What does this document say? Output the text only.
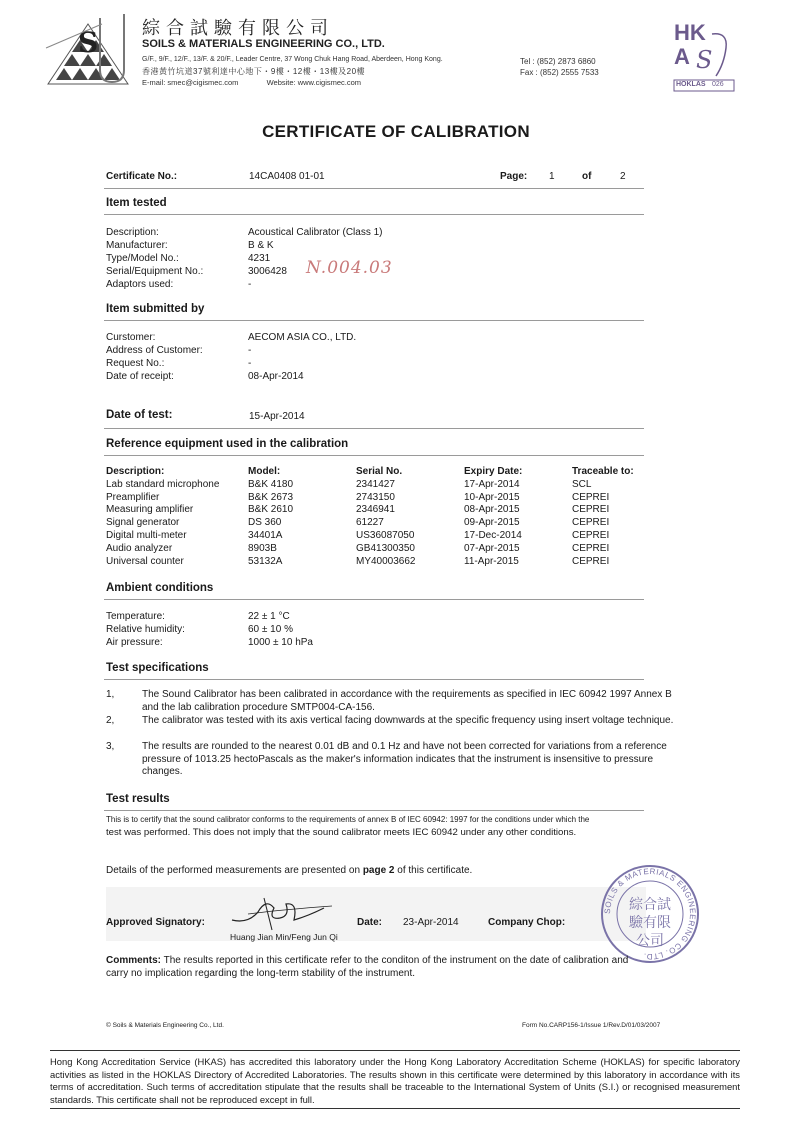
S 綜合試驗有限公司
SOILS & MATERIALS ENGINEERING CO., LTD.
G/F., 9/F., 12/F., 13/F. & 20/F., Leader Centre, 37 Wong Chuk Hang Road, Aberdeen, Hong Kong.
香港黃竹坑道37號利達中心地下・9樓・12樓・13樓及20樓
E-mail: smec@cigismec.com	Website: www.cigismec.com
Tel : (852) 2873 6860
Fax : (852) 2555 7533
HK
A S
HOKLAS 026
CERTIFICATE OF CALIBRATION
Certificate No.:	14CA0408 01-01	Page: 1	of	2
Item tested
Description:	Acoustical Calibrator (Class 1)
Manufacturer:	B & K
Type/Model No.:	4231
Serial/Equipment No.:	3006428
Adaptors used:	-
N.004.03
Item submitted by
Curstomer:	AECOM ASIA CO., LTD.
Address of Customer:	-
Request No.:	-
Date of receipt:	08-Apr-2014
Date of test:	15-Apr-2014
Reference equipment used in the calibration
Description:	Model:	Serial No.	Expiry Date:	Traceable to:
Lab standard microphone	B&K 4180	2341427	17-Apr-2014	SCL
Preamplifier	B&K 2673	2743150	10-Apr-2015	CEPREI
Measuring amplifier	B&K 2610	2346941	08-Apr-2015	CEPREI
Signal generator	DS 360	61227	09-Apr-2015	CEPREI
Digital multi-meter	34401A	US36087050	17-Dec-2014	CEPREI
Audio analyzer	8903B	GB41300350	07-Apr-2015	CEPREI
Universal counter	53132A	MY40003662	11-Apr-2015	CEPREI
Ambient conditions
Temperature:	22 ± 1 °C
Relative humidity:	60 ± 10 %
Air pressure:	1000 ± 10 hPa
Test specifications
1,	The Sound Calibrator has been calibrated in accordance with the requirements as specified in IEC 60942 1997 Annex B
and the lab calibration procedure SMTP004-CA-156.
2,	The calibrator was tested with its axis vertical facing downwards at the specific frequency using insert voltage technique.
3,	The results are rounded to the nearest 0.01 dB and 0.1 Hz and have not been corrected for variations from a reference
pressure of 1013.25 hectoPascals as the maker's information indicates that the instrument is insensitive to pressure
changes.
Test results
This is to certify that the sound calibrator conforms to the requirements of annex B of IEC 60942: 1997 for the conditions under which the
test was performed. This does not imply that the sound calibrator meets IEC 60942 under any other conditions.
Details of the performed measurements are presented on page 2 of this certificate.
Approved Signatory:
Huang Jian Min/Feng Jun Qi
Date: 23-Apr-2014	Company Chop:
SOILS & MATERIALS ENGINEERING CO. LTD.
綜合試驗有限公司
Comments: The results reported in this certificate refer to the conditon of the instrument on the date of calibration and
carry no implication regarding the long-term stability of the instrument.
© Soils & Materials Engineering Co., Ltd.	Form No.CARP156-1/Issue 1/Rev.D/01/03/2007
Hong Kong Accreditation Service (HKAS) has accredited this laboratory under the Hong Kong Laboratory Accreditation Scheme (HOKLAS) for specific laboratory activities as listed in the HOKLAS Directory of Accredited Laboratories. The results shown in this certificate were determined by this laboratory in accordance with its terms of accreditation. Such terms of accreditation stipulate that the results shall be traceable to the International System of Units (S.I.) or recognised measurement standards. This certificate shall not be reproduced except in full.
